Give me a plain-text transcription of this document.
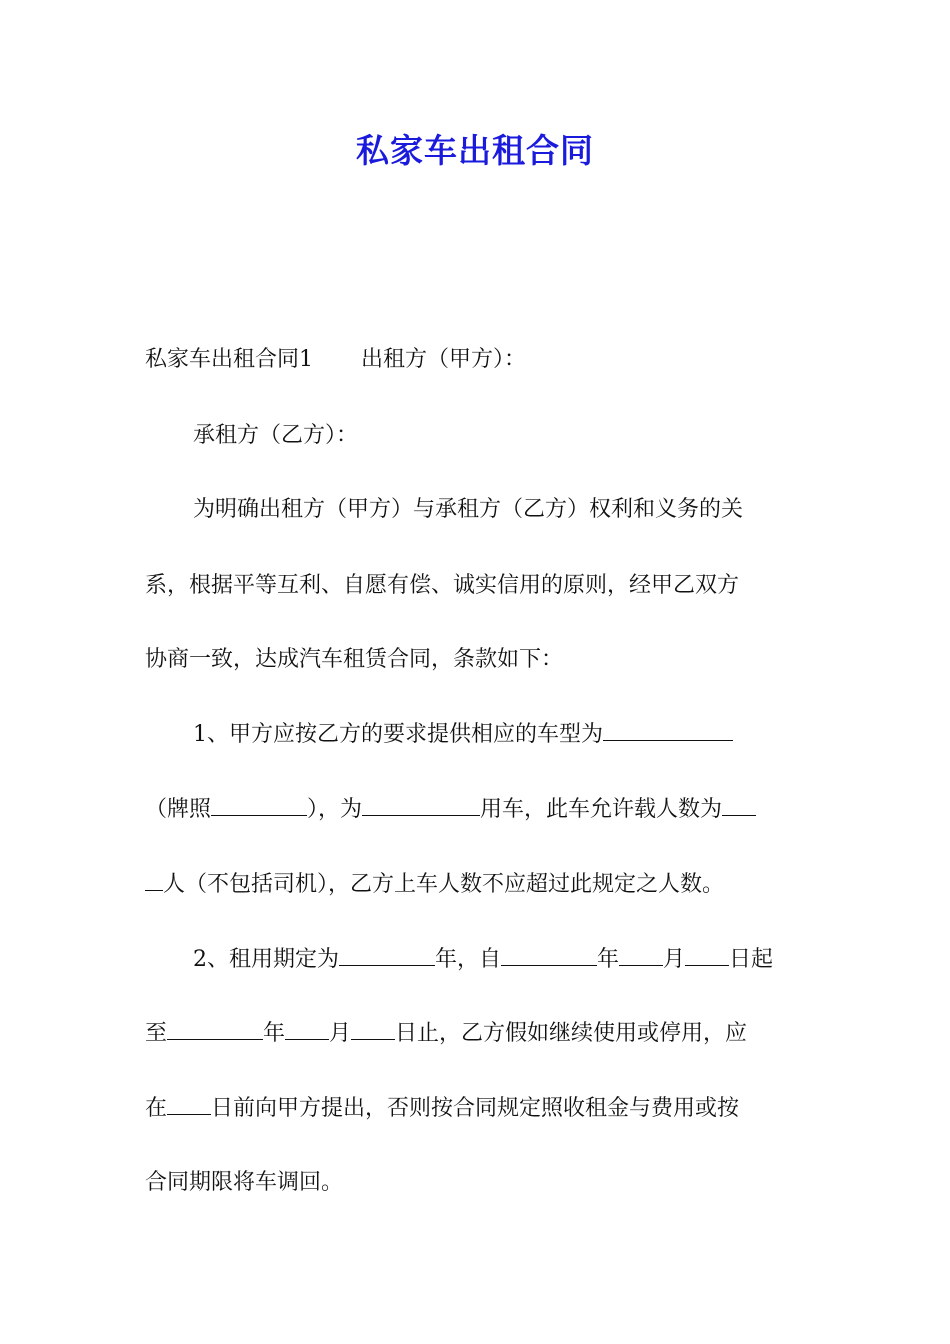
私家车出租合同

私家车出租合同1 出租方（甲方）：

承租方（乙方）：

为明确出租方（甲方）与承租方（乙方）权利和义务的关

系，根据平等互利、自愿有偿、诚实信用的原则，经甲乙双方

协商一致，达成汽车租赁合同，条款如下：

1、甲方应按乙方的要求提供相应的车型为

（牌照	），为	用车，此车允许载人数为

人（不包括司机），乙方上车人数不应超过此规定之人数。

2、租用期定为	年，自	年 月 日起

至	年 月 日止，乙方假如继续使用或停用，应

在 日前向甲方提出，否则按合同规定照收租金与费用或按

合同期限将车调回。
